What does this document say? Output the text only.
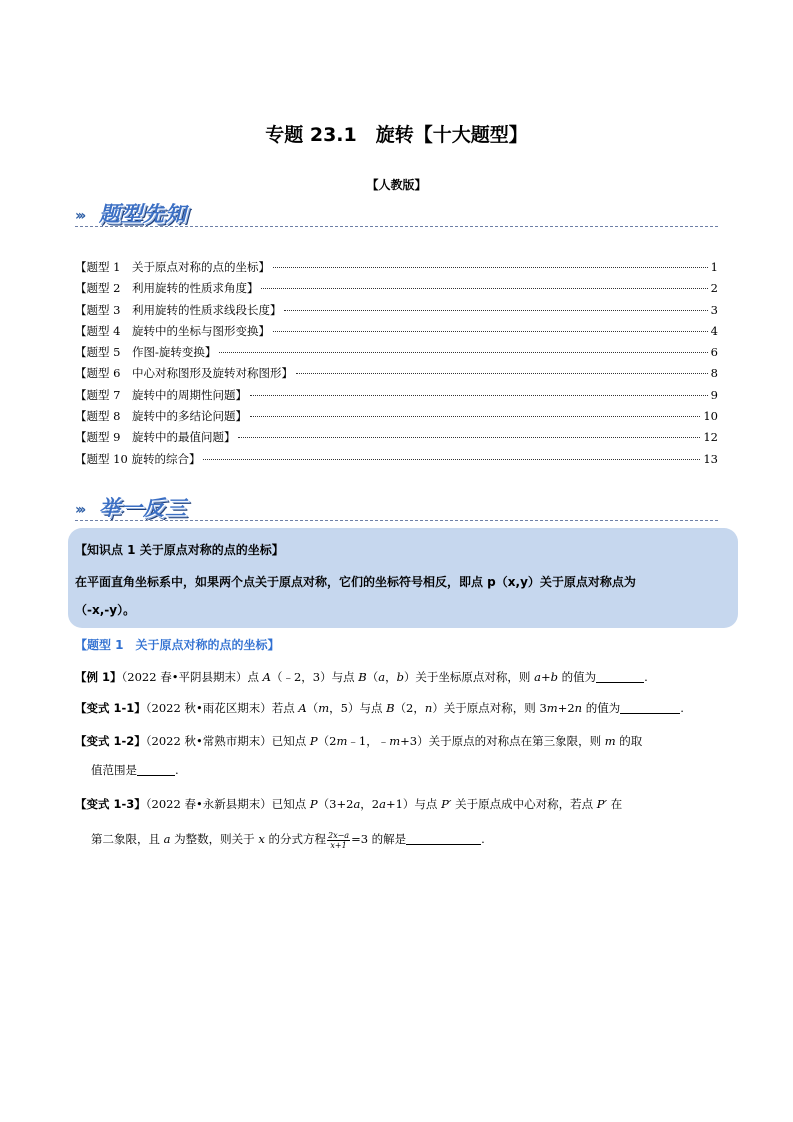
专题 23.1　旋转【十大题型】
【人教版】
››› 题型先知
【题型 1　关于原点对称的点的坐标】	1
【题型 2　利用旋转的性质求角度】	2
【题型 3　利用旋转的性质求线段长度】	3
【题型 4　旋转中的坐标与图形变换】	4
【题型 5　作图-旋转变换】	6
【题型 6　中心对称图形及旋转对称图形】	8
【题型 7　旋转中的周期性问题】	9
【题型 8　旋转中的多结论问题】	10
【题型 9　旋转中的最值问题】	12
【题型 10 旋转的综合】	13
››› 举一反三
【知识点 1 关于原点对称的点的坐标】
在平面直角坐标系中，如果两个点关于原点对称，它们的坐标符号相反，即点 p（x,y）关于原点对称点为
（-x,-y）。
【题型 1　关于原点对称的点的坐标】
【例 1】（2022 春•平阴县期末）点 A（﹣2，3）与点 B（a，b）关于坐标原点对称，则 a+b 的值为	.
【变式 1-1】（2022 秋•雨花区期末）若点 A（m，5）与点 B（2，n）关于原点对称，则 3m+2n 的值为	.
【变式 1-2】（2022 秋•常熟市期末）已知点 P（2m﹣1，﹣m+3）关于原点的对称点在第三象限，则 m 的取
值范围是	.
【变式 1-3】（2022 春•永新县期末）已知点 P（3+2a，2a+1）与点 P′ 关于原点成中心对称，若点 P′ 在
第二象限，且 a 为整数，则关于 x 的分式方程 $\frac{2x-a}{x+1} =3$ 的解是	.
